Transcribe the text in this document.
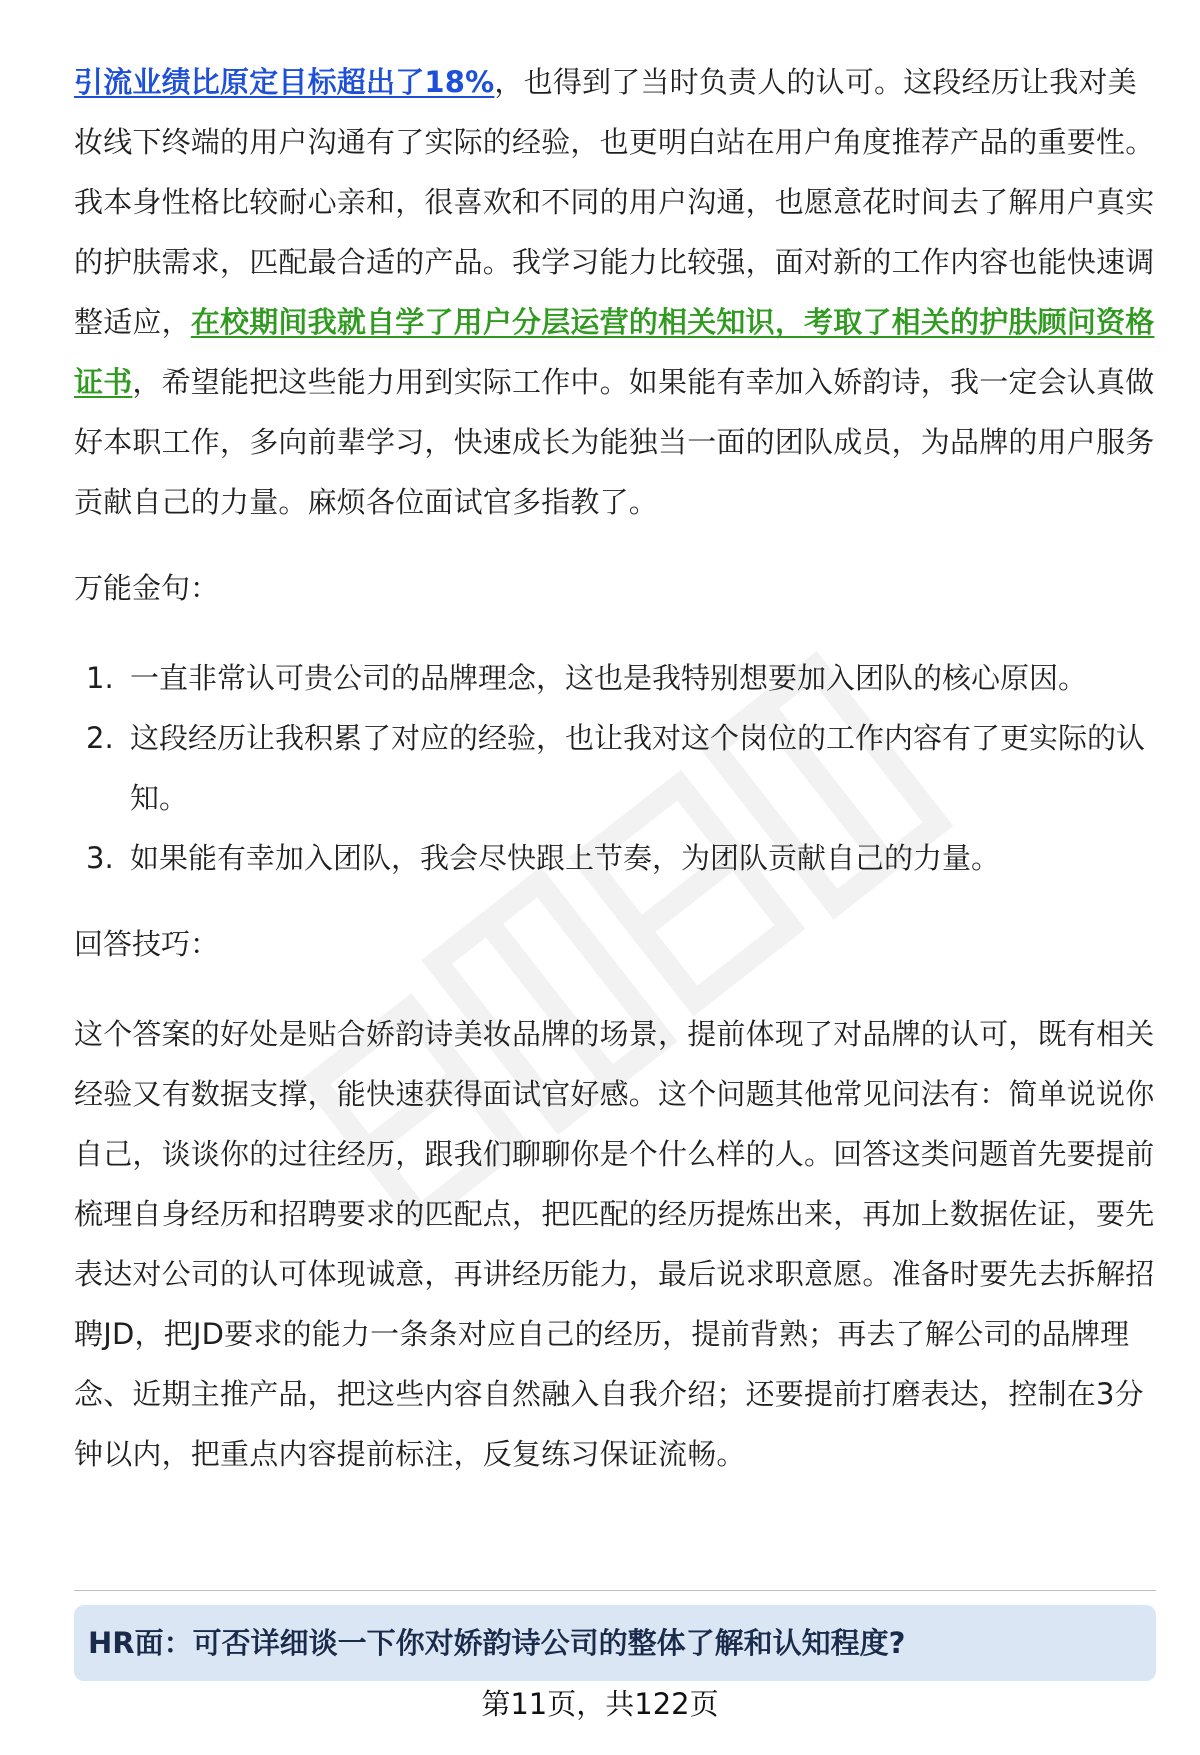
引流业绩比原定目标超出了18%，也得到了当时负责人的认可。这段经历让我对美妆线下终端的用户沟通有了实际的经验，也更明白站在用户角度推荐产品的重要性。

我本身性格比较耐心亲和，很喜欢和不同的用户沟通，也愿意花时间去了解用户真实的护肤需求，匹配最合适的产品。我学习能力比较强，面对新的工作内容也能快速调整适应，在校期间我就自学了用户分层运营的相关知识，考取了相关的护肤顾问资格证书，希望能把这些能力用到实际工作中。如果能有幸加入娇韵诗，我一定会认真做好本职工作，多向前辈学习，快速成长为能独当一面的团队成员，为品牌的用户服务贡献自己的力量。麻烦各位面试官多指教了。

万能金句：
1. 一直非常认可贵公司的品牌理念，这也是我特别想要加入团队的核心原因。
2. 这段经历让我积累了对应的经验，也让我对这个岗位的工作内容有了更实际的认知。
3. 如果能有幸加入团队，我会尽快跟上节奏，为团队贡献自己的力量。
回答技巧：

这个答案的好处是贴合娇韵诗美妆品牌的场景，提前体现了对品牌的认可，既有相关经验又有数据支撑，能快速获得面试官好感。这个问题其他常见问法有：简单说说你自己，谈谈你的过往经历，跟我们聊聊你是个什么样的人。回答这类问题首先要提前梳理自身经历和招聘要求的匹配点，把匹配的经历提炼出来，再加上数据佐证，要先表达对公司的认可体现诚意，再讲经历能力，最后说求职意愿。准备时要先去拆解招聘JD，把JD要求的能力一条条对应自己的经历，提前背熟；再去了解公司的品牌理念、近期主推产品，把这些内容自然融入自我介绍；还要提前打磨表达，控制在3分钟以内，把重点内容提前标注，反复练习保证流畅。

HR面：可否详细谈一下你对娇韵诗公司的整体了解和认知程度?
第11页，共122页
